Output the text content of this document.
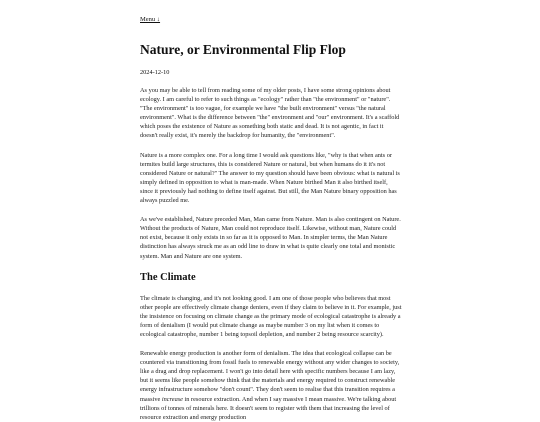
Menu ↓
Nature, or Environmental Flip Flop
2024-12-10

As you may be able to tell from reading some of my older posts, I have some strong opinions about ecology. I am careful to refer to such things as "ecology" rather than "the environment" or "nature". "The environment" is too vague, for example we have "the built environment" versus "the natural environment". What is the difference between "the" environment and "our" environment. It's a scaffold which poses the existence of Nature as something both static and dead. It is not agentic, in fact it doesn't really exist, it's merely the backdrop for humanity, the "environment".

Nature is a more complex one. For a long time I would ask questions like, "why is that when ants or termites build large structures, this is considered Nature or natural, but when humans do it it's not considered Nature or natural?" The answer to my question should have been obvious: what is natural is simply defined in opposition to what is man-made. When Nature birthed Man it also birthed itself, since it previously had nothing to define itself against. But still, the Man Nature binary opposition has always puzzled me.

As we've established, Nature preceded Man, Man came from Nature. Man is also contingent on Nature. Without the products of Nature, Man could not reproduce itself. Likewise, without man, Nature could not exist, because it only exists in so far as it is opposed to Man. In simpler terms, the Man Nature distinction has always struck me as an odd line to draw in what is quite clearly one total and monistic system. Man and Nature are one system.

The Climate

The climate is changing, and it's not looking good. I am one of those people who believes that most other people are effectively climate change deniers, even if they claim to believe in it. For example, just the insistence on focusing on climate change as the primary mode of ecological catastrophe is already a form of denialism (I would put climate change as maybe number 3 on my list when it comes to ecological catastrophe, number 1 being topsoil depletion, and number 2 being resource scarcity).

Renewable energy production is another form of denialism. The idea that ecological collapse can be countered via transitioning from fossil fuels to renewable energy without any wider changes to society, like a drag and drop replacement. I won't go into detail here with specific numbers because I am lazy, but it seems like people somehow think that the materials and energy required to construct renewable energy infrastructure somehow "don't count". They don't seem to realise that this transition requires a massive increase in resource extraction. And when I say massive I mean massive. We're talking about trillions of tonnes of minerals here. It doesn't seem to register with them that increasing the level of resource extraction and energy production
